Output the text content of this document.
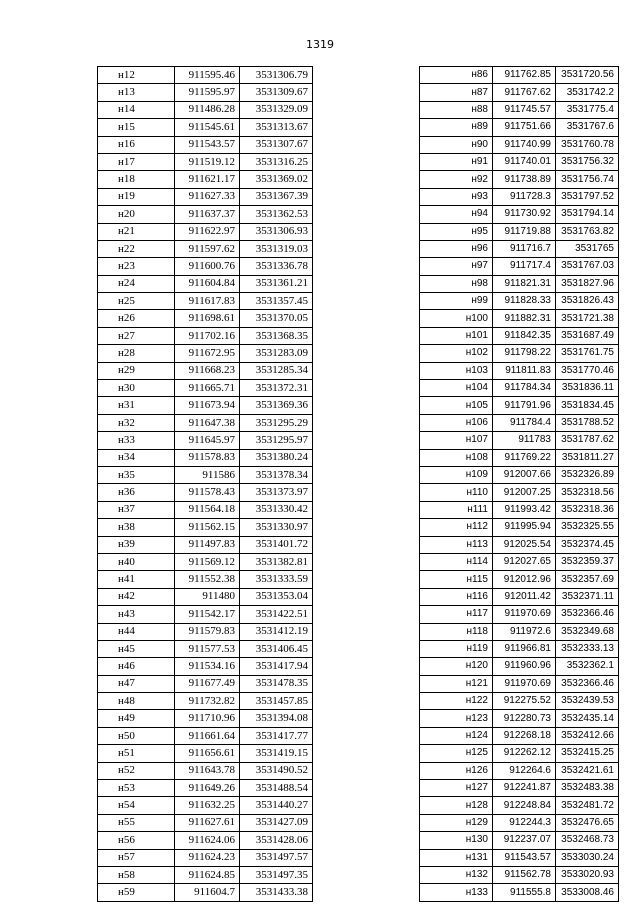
1319
н12	911595.46	3531306.79
н13	911595.97	3531309.67
н14	911486.28	3531329.09
н15	911545.61	3531313.67
н16	911543.57	3531307.67
н17	911519.12	3531316.25
н18	911621.17	3531369.02
н19	911627.33	3531367.39
н20	911637.37	3531362.53
н21	911622.97	3531306.93
н22	911597.62	3531319.03
н23	911600.76	3531336.78
н24	911604.84	3531361.21
н25	911617.83	3531357.45
н26	911698.61	3531370.05
н27	911702.16	3531368.35
н28	911672.95	3531283.09
н29	911668.23	3531285.34
н30	911665.71	3531372.31
н31	911673.94	3531369.36
н32	911647.38	3531295.29
н33	911645.97	3531295.97
н34	911578.83	3531380.24
н35	911586	3531378.34
н36	911578.43	3531373.97
н37	911564.18	3531330.42
н38	911562.15	3531330.97
н39	911497.83	3531401.72
н40	911569.12	3531382.81
н41	911552.38	3531333.59
н42	911480	3531353.04
н43	911542.17	3531422.51
н44	911579.83	3531412.19
н45	911577.53	3531406.45
н46	911534.16	3531417.94
н47	911677.49	3531478.35
н48	911732.82	3531457.85
н49	911710.96	3531394.08
н50	911661.64	3531417.77
н51	911656.61	3531419.15
н52	911643.78	3531490.52
н53	911649.26	3531488.54
н54	911632.25	3531440.27
н55	911627.61	3531427.09
н56	911624.06	3531428.06
н57	911624.23	3531497.57
н58	911624.85	3531497.35
н59	911604.7	3531433.38
н86	911762.85	3531720.56
н87	911767.62	3531742.2
н88	911745.57	3531775.4
н89	911751.66	3531767.6
н90	911740.99	3531760.78
н91	911740.01	3531756.32
н92	911738.89	3531756.74
н93	911728.3	3531797.52
н94	911730.92	3531794.14
н95	911719.88	3531763.82
н96	911716.7	3531765
н97	911717.4	3531767.03
н98	911821.31	3531827.96
н99	911828.33	3531826.43
н100	911882.31	3531721.38
н101	911842.35	3531687.49
н102	911798.22	3531761.75
н103	911811.83	3531770.46
н104	911784.34	3531836.11
н105	911791.96	3531834.45
н106	911784.4	3531788.52
н107	911783	3531787.62
н108	911769.22	3531811.27
н109	912007.66	3532326.89
н110	912007.25	3532318.56
н111	911993.42	3532318.36
н112	911995.94	3532325.55
н113	912025.54	3532374.45
н114	912027.65	3532359.37
н115	912012.96	3532357.69
н116	912011.42	3532371.11
н117	911970.69	3532366.46
н118	911972.6	3532349.68
н119	911966.81	3532333.13
н120	911960.96	3532362.1
н121	911970.69	3532366.46
н122	912275.52	3532439.53
н123	912280.73	3532435.14
н124	912268.18	3532412.66
н125	912262.12	3532415.25
н126	912264.6	3532421.61
н127	912241.87	3532483.38
н128	912248.84	3532481.72
н129	912244.3	3532476.65
н130	912237.07	3532468.73
н131	911543.57	3533030.24
н132	911562.78	3533020.93
н133	911555.8	3533008.46
